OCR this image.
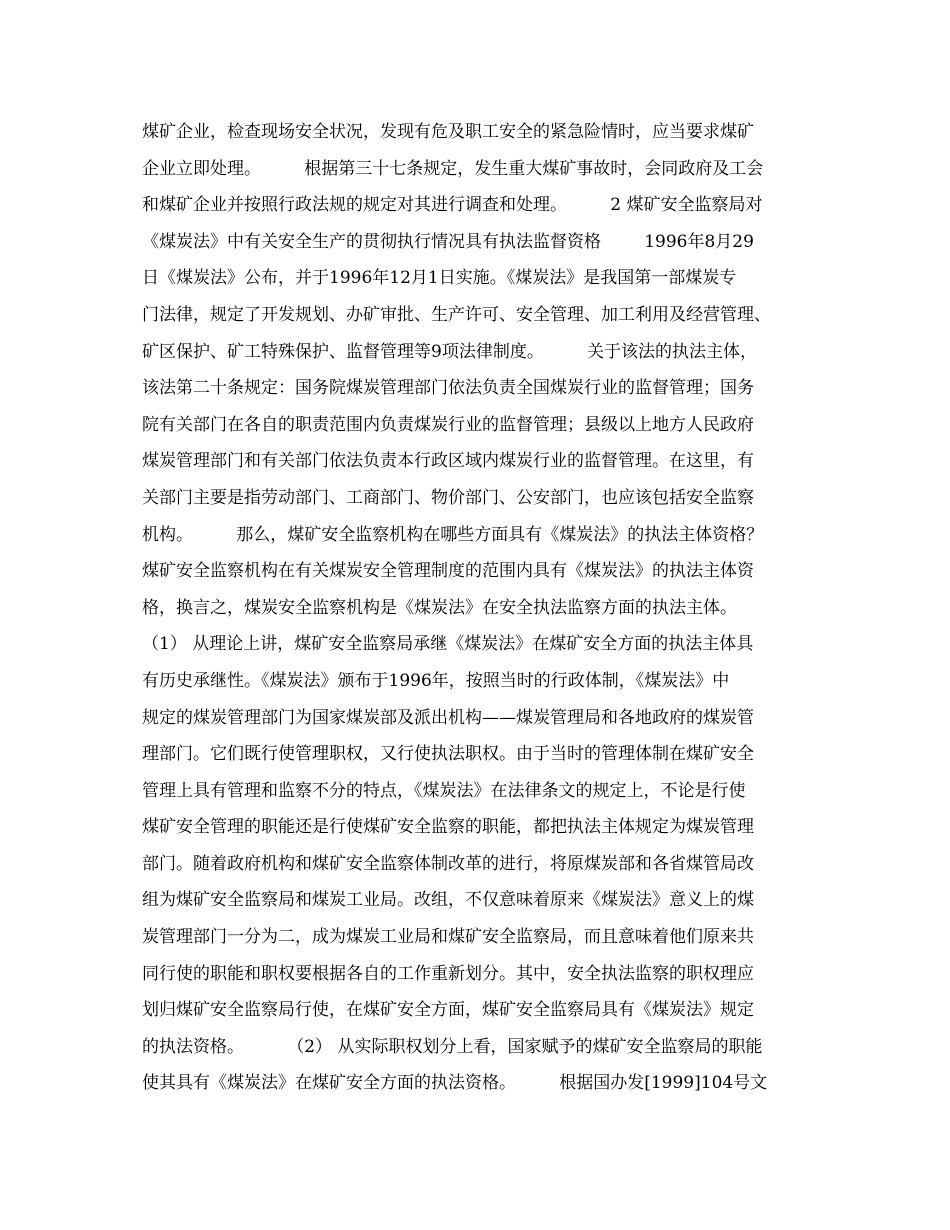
煤矿企业，检查现场安全状况，发现有危及职工安全的紧急险情时，应当要求煤矿
企业立即处理。        根据第三十七条规定，发生重大煤矿事故时，会同政府及工会
和煤矿企业并按照行政法规的规定对其进行调查和处理。        2 煤矿安全监察局对
《煤炭法》中有关安全生产的贯彻执行情况具有执法监督资格        1996年8月29
日《煤炭法》公布，并于1996年12月1日实施。《煤炭法》是我国第一部煤炭专
门法律，规定了开发规划、办矿审批、生产许可、安全管理、加工利用及经营管理、
矿区保护、矿工特殊保护、监督管理等9项法律制度。        关于该法的执法主体，
该法第二十条规定：国务院煤炭管理部门依法负责全国煤炭行业的监督管理；国务
院有关部门在各自的职责范围内负责煤炭行业的监督管理；县级以上地方人民政府
煤炭管理部门和有关部门依法负责本行政区域内煤炭行业的监督管理。在这里，有
关部门主要是指劳动部门、工商部门、物价部门、公安部门，也应该包括安全监察
机构。        那么，煤矿安全监察机构在哪些方面具有《煤炭法》的执法主体资格？
煤矿安全监察机构在有关煤炭安全管理制度的范围内具有《煤炭法》的执法主体资
格，换言之，煤炭安全监察机构是《煤炭法》在安全执法监察方面的执法主体。
（1） 从理论上讲，煤矿安全监察局承继《煤炭法》在煤矿安全方面的执法主体具
有历史承继性。《煤炭法》颁布于1996年，按照当时的行政体制，《煤炭法》中
规定的煤炭管理部门为国家煤炭部及派出机构——煤炭管理局和各地政府的煤炭管
理部门。它们既行使管理职权，又行使执法职权。由于当时的管理体制在煤矿安全
管理上具有管理和监察不分的特点，《煤炭法》在法律条文的规定上，不论是行使
煤矿安全管理的职能还是行使煤矿安全监察的职能，都把执法主体规定为煤炭管理
部门。随着政府机构和煤矿安全监察体制改革的进行，将原煤炭部和各省煤管局改
组为煤矿安全监察局和煤炭工业局。改组，不仅意味着原来《煤炭法》意义上的煤
炭管理部门一分为二，成为煤炭工业局和煤矿安全监察局，而且意味着他们原来共
同行使的职能和职权要根据各自的工作重新划分。其中，安全执法监察的职权理应
划归煤矿安全监察局行使，在煤矿安全方面，煤矿安全监察局具有《煤炭法》规定
的执法资格。        （2） 从实际职权划分上看，国家赋予的煤矿安全监察局的职能
使其具有《煤炭法》在煤矿安全方面的执法资格。        根据国办发[1999]104号文
